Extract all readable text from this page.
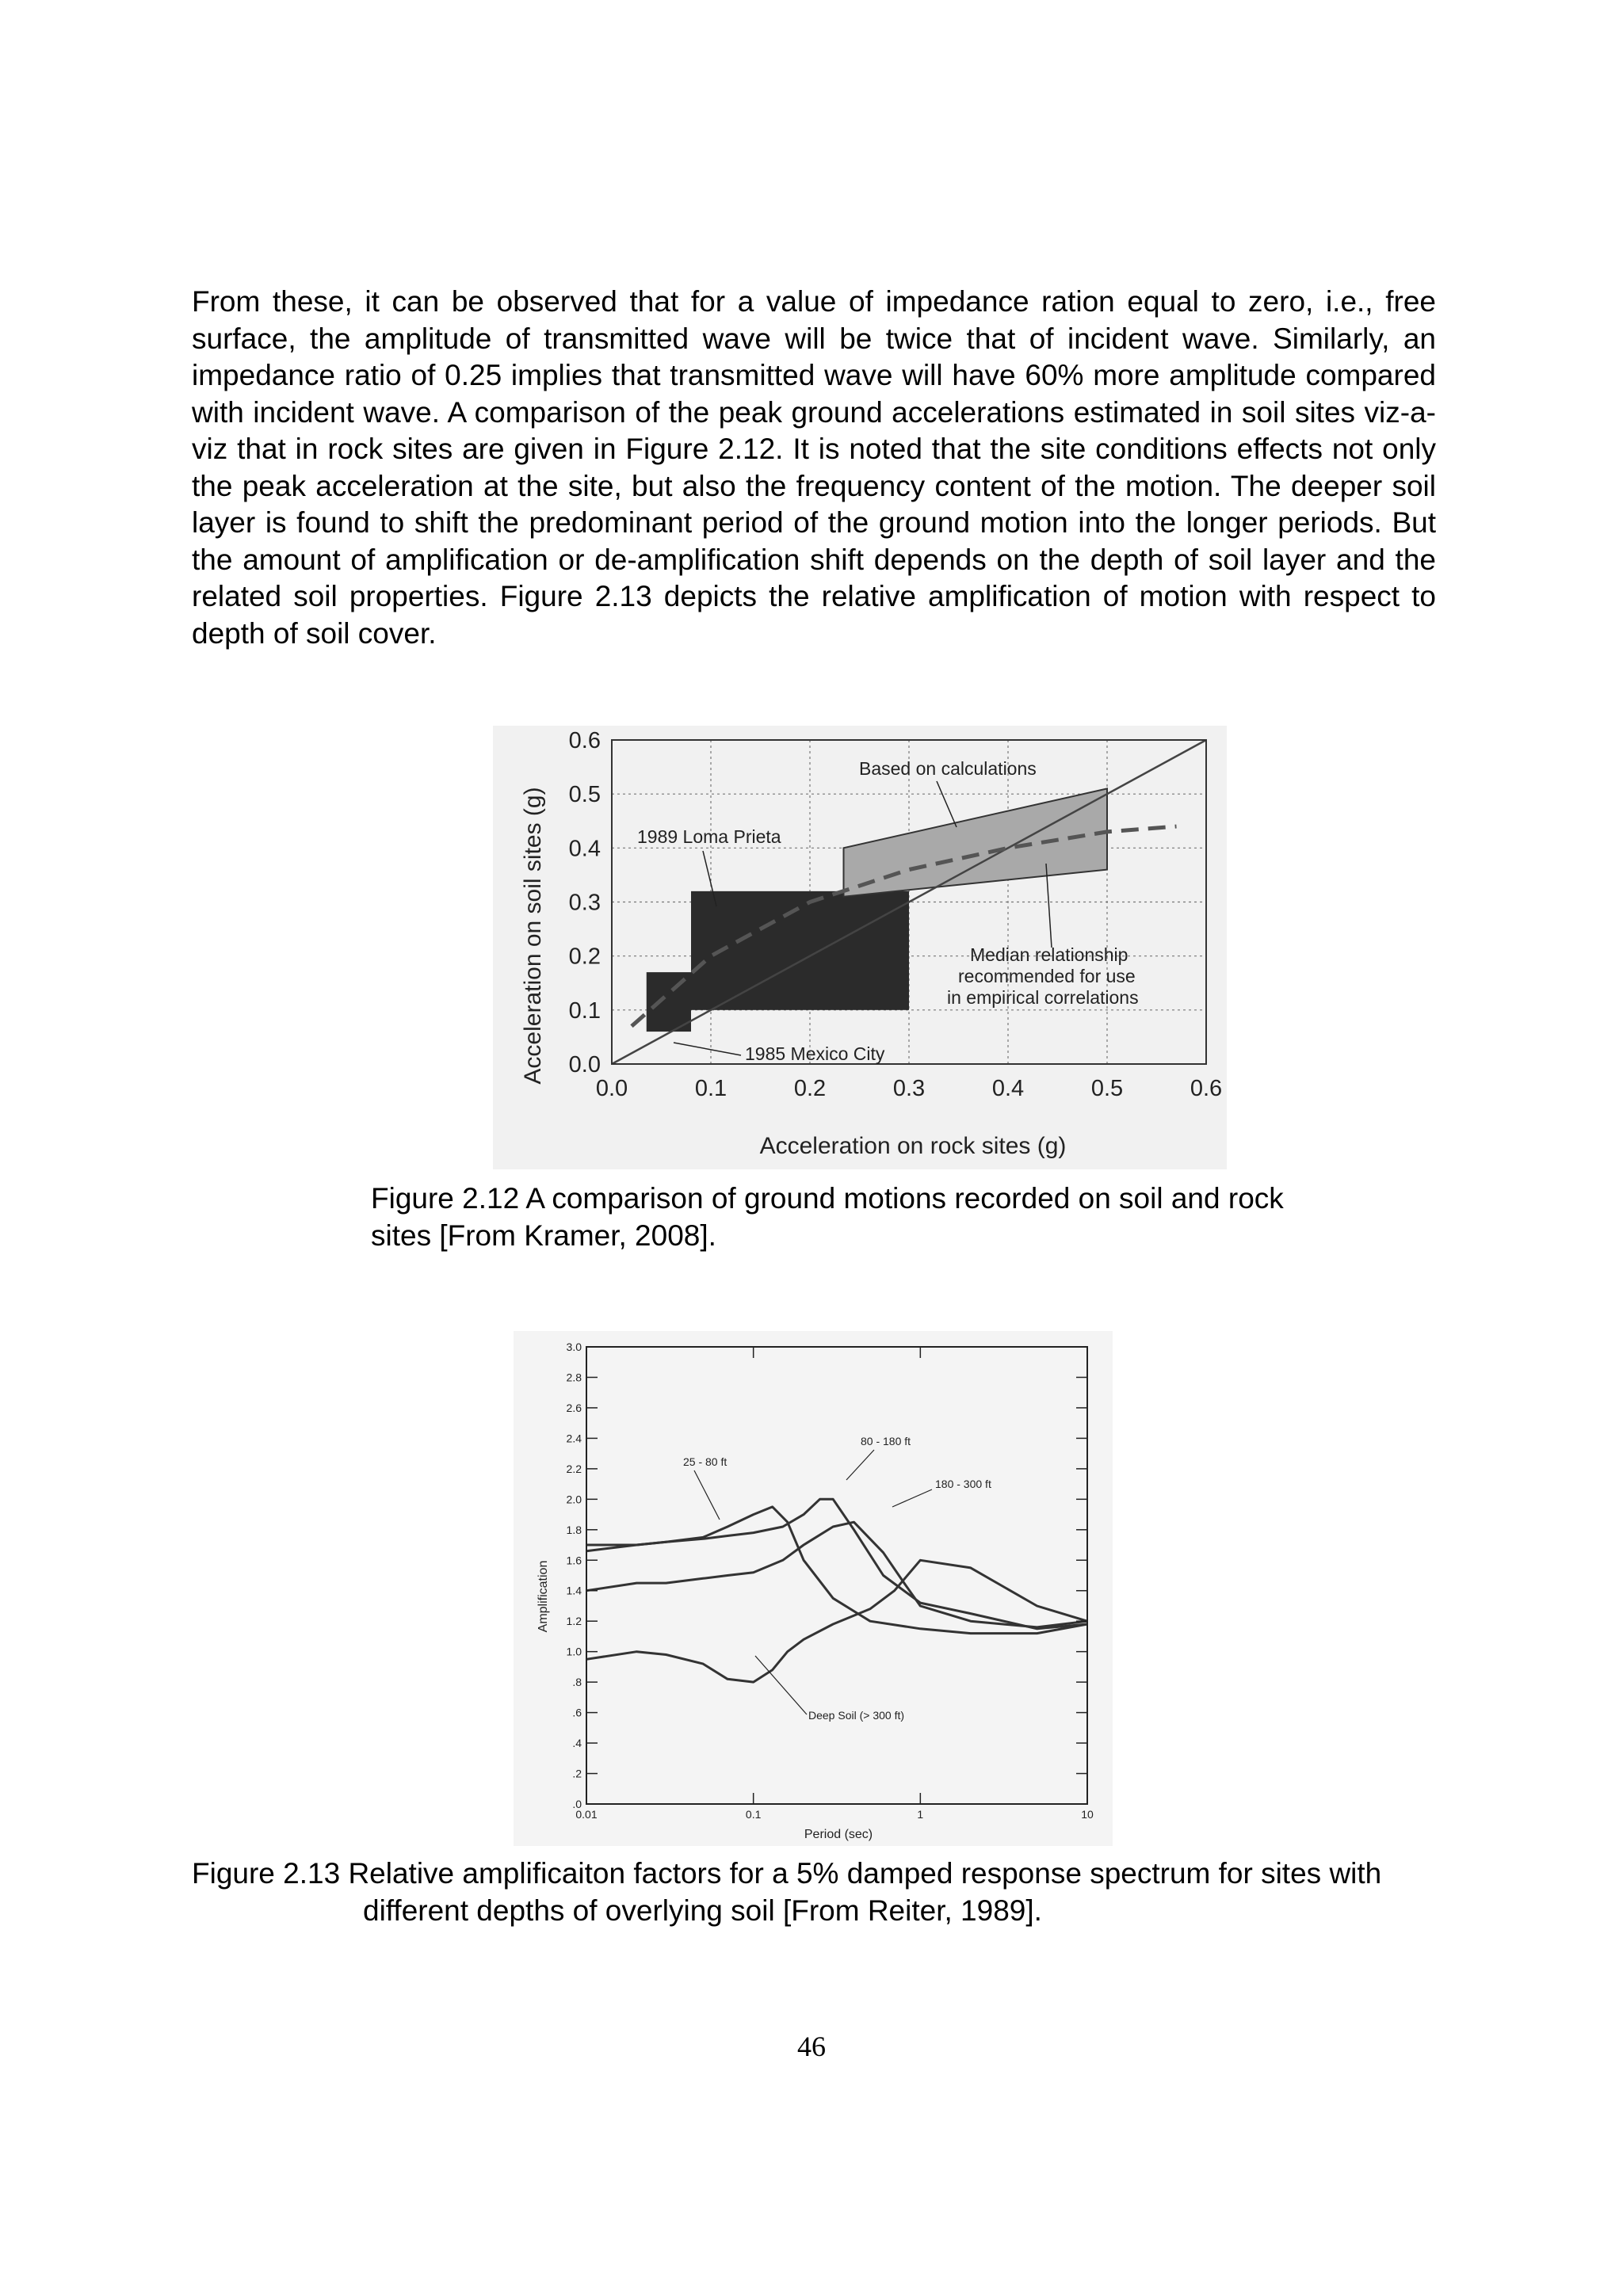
From these, it can be observed that for a value of impedance ration equal to zero, i.e., free surface, the amplitude of transmitted wave will be twice that of incident wave. Similarly, an impedance ratio of 0.25 implies that transmitted wave will have 60% more amplitude compared with incident wave. A comparison of the peak ground accelerations estimated in soil sites viz-a-viz that in rock sites are given in Figure 2.12. It is noted that the site conditions effects not only the peak acceleration at the site, but also the frequency content of the motion. The deeper soil layer is found to shift the predominant period of the ground motion into the longer periods. But the amount of amplification or de-amplification shift depends on the depth of soil layer and the related soil properties. Figure 2.13 depicts the relative amplification of motion with respect to depth of soil cover.

0.0	0.1	0.2	0.3	0.4	0.5	0.6
0.0
0.1
0.2
0.3
0.4
0.5
0.6
Based on calculations
1989 Loma Prieta
Median relationship
recommended for use
in empirical correlations
1985 Mexico City
Acceleration on rock sites (g)
Acceleration on soil sites (g)

Figure 2.12 A comparison of ground motions recorded on soil and rock sites [From Kramer, 2008].

.0
.2
.4
.6
.8
1.0
1.2
1.4
1.6
1.8
2.0
2.2
2.4
2.6
2.8
3.0
0.01	0.1	1	10
25 - 80 ft
80 - 180 ft
180 - 300 ft
Deep Soil (> 300 ft)
Period (sec)
Amplification

Figure 2.13 Relative amplificaiton factors for a 5% damped response spectrum for sites with different depths of overlying soil [From Reiter, 1989].

46
